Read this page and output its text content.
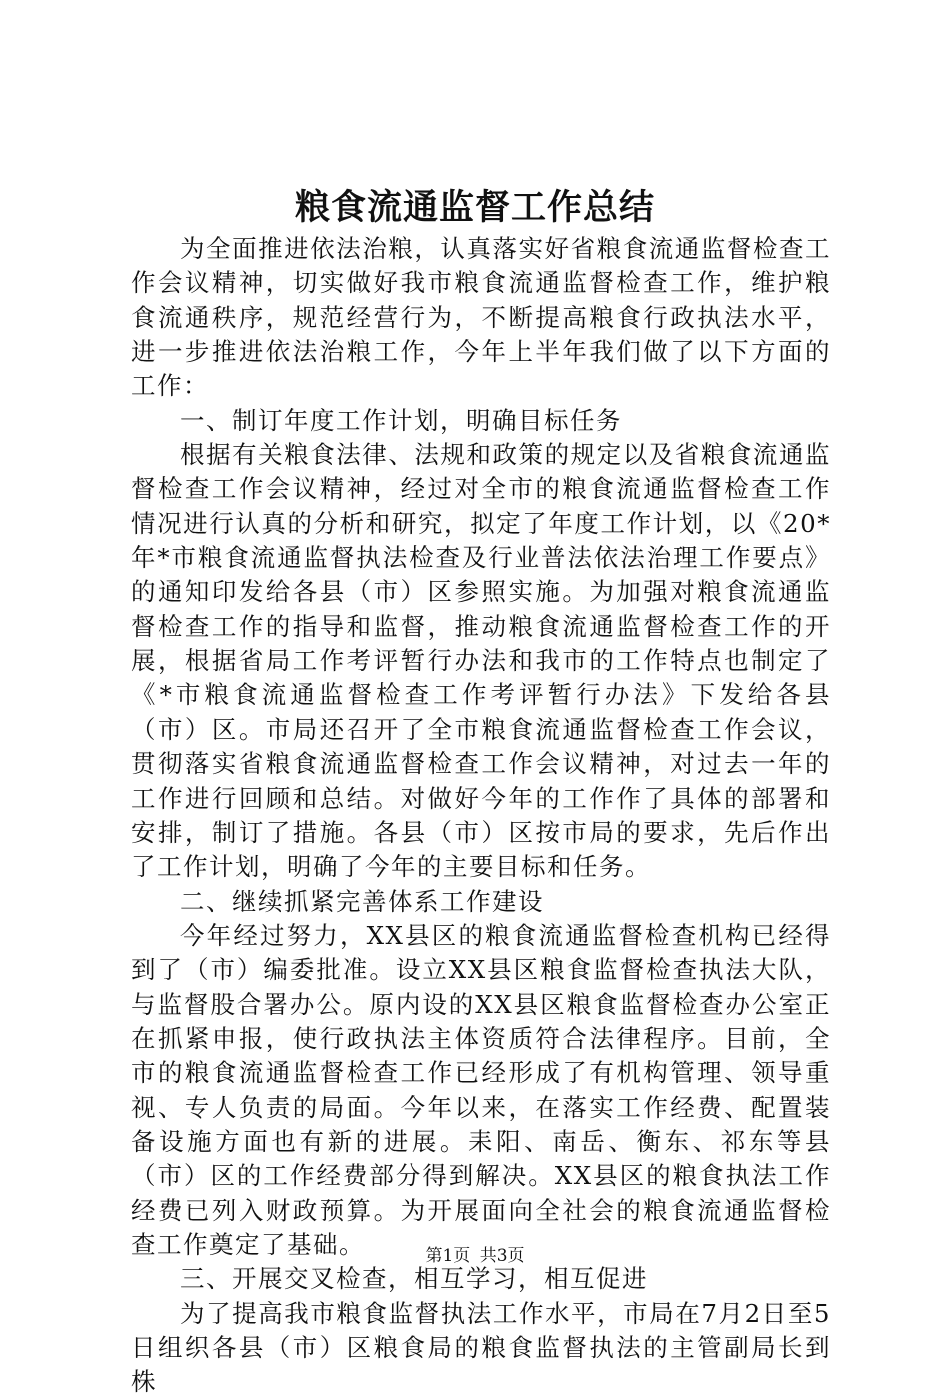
粮食流通监督工作总结

为全面推进依法治粮，认真落实好省粮食流通监督检查工作会议精神，切实做好我市粮食流通监督检查工作，维护粮食流通秩序，规范经营行为，不断提高粮食行政执法水平，进一步推进依法治粮工作，今年上半年我们做了以下方面的工作：

一、制订年度工作计划，明确目标任务

根据有关粮食法律、法规和政策的规定以及省粮食流通监督检查工作会议精神，经过对全市的粮食流通监督检查工作情况进行认真的分析和研究，拟定了年度工作计划，以《20*年*市粮食流通监督执法检查及行业普法依法治理工作要点》的通知印发给各县（市）区参照实施。为加强对粮食流通监督检查工作的指导和监督，推动粮食流通监督检查工作的开展，根据省局工作考评暂行办法和我市的工作特点也制定了《*市粮食流通监督检查工作考评暂行办法》下发给各县（市）区。市局还召开了全市粮食流通监督检查工作会议，贯彻落实省粮食流通监督检查工作会议精神，对过去一年的工作进行回顾和总结。对做好今年的工作作了具体的部署和安排，制订了措施。各县（市）区按市局的要求，先后作出了工作计划，明确了今年的主要目标和任务。

二、继续抓紧完善体系工作建设

今年经过努力，XX县区的粮食流通监督检查机构已经得到了（市）编委批准。设立XX县区粮食监督检查执法大队，与监督股合署办公。原内设的XX县区粮食监督检查办公室正在抓紧申报，使行政执法主体资质符合法律程序。目前，全市的粮食流通监督检查工作已经形成了有机构管理、领导重视、专人负责的局面。今年以来，在落实工作经费、配置装备设施方面也有新的进展。耒阳、南岳、衡东、祁东等县（市）区的工作经费部分得到解决。XX县区的粮食执法工作经费已列入财政预算。为开展面向全社会的粮食流通监督检查工作奠定了基础。

三、开展交叉检查，相互学习，相互促进

为了提高我市粮食监督执法工作水平，市局在7月2日至5日组织各县（市）区粮食局的粮食监督执法的主管副局长到株

第1页 共3页
